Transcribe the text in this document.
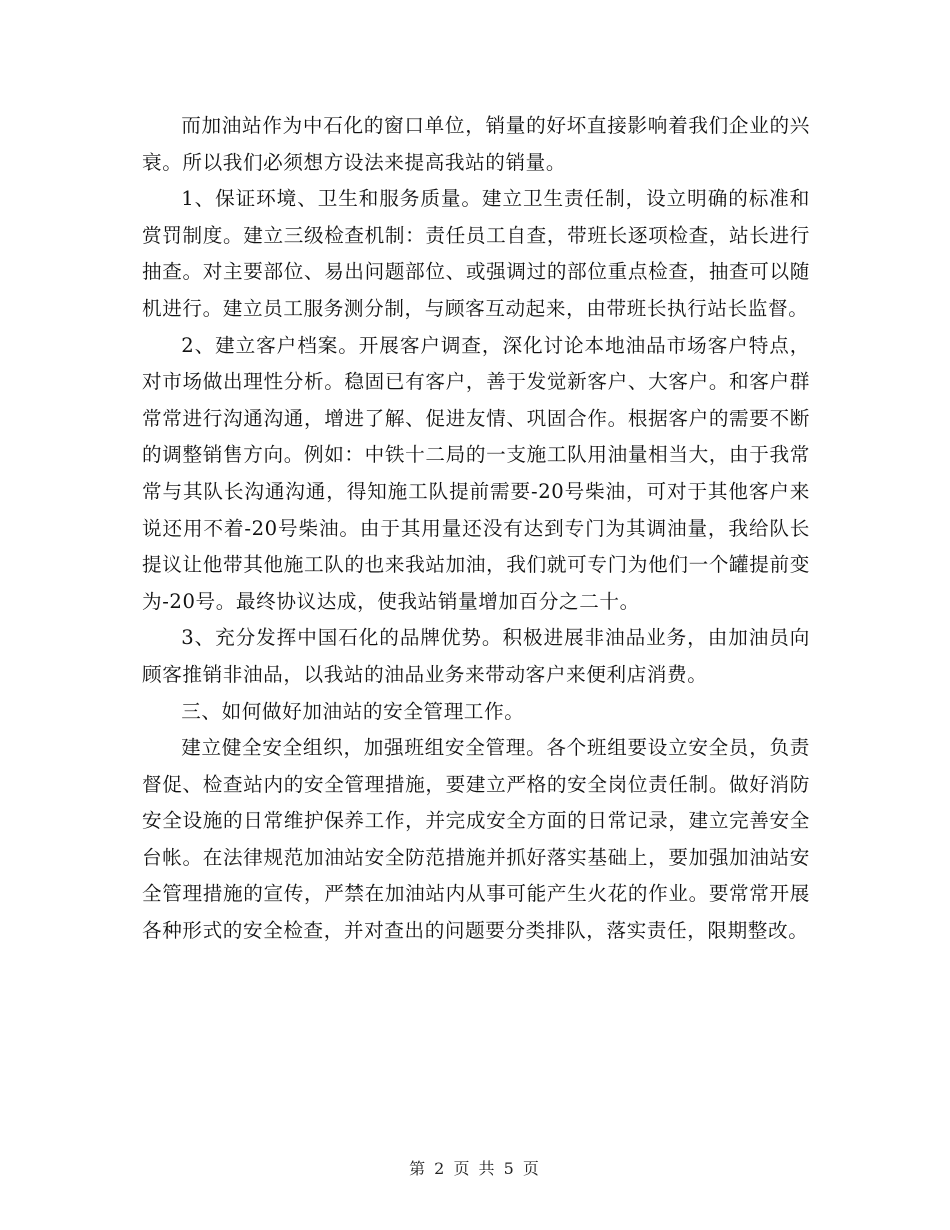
而加油站作为中石化的窗口单位，销量的好坏直接影响着我们企业的兴衰。所以我们必须想方设法来提高我站的销量。

1、保证环境、卫生和服务质量。建立卫生责任制，设立明确的标准和赏罚制度。建立三级检查机制：责任员工自查，带班长逐项检查，站长进行抽查。对主要部位、易出问题部位、或强调过的部位重点检查，抽查可以随机进行。建立员工服务测分制，与顾客互动起来，由带班长执行站长监督。

2、建立客户档案。开展客户调查，深化讨论本地油品市场客户特点，对市场做出理性分析。稳固已有客户，善于发觉新客户、大客户。和客户群常常进行沟通沟通，增进了解、促进友情、巩固合作。根据客户的需要不断的调整销售方向。例如：中铁十二局的一支施工队用油量相当大，由于我常常与其队长沟通沟通，得知施工队提前需要-20号柴油，可对于其他客户来说还用不着-20号柴油。由于其用量还没有达到专门为其调油量，我给队长提议让他带其他施工队的也来我站加油，我们就可专门为他们一个罐提前变为-20号。最终协议达成，使我站销量增加百分之二十。

3、充分发挥中国石化的品牌优势。积极进展非油品业务，由加油员向顾客推销非油品，以我站的油品业务来带动客户来便利店消费。

三、如何做好加油站的安全管理工作。

建立健全安全组织，加强班组安全管理。各个班组要设立安全员，负责督促、检查站内的安全管理措施，要建立严格的安全岗位责任制。做好消防安全设施的日常维护保养工作，并完成安全方面的日常记录，建立完善安全台帐。在法律规范加油站安全防范措施并抓好落实基础上，要加强加油站安全管理措施的宣传，严禁在加油站内从事可能产生火花的作业。要常常开展各种形式的安全检查，并对查出的问题要分类排队，落实责任，限期整改。

第 2 页 共 5 页
